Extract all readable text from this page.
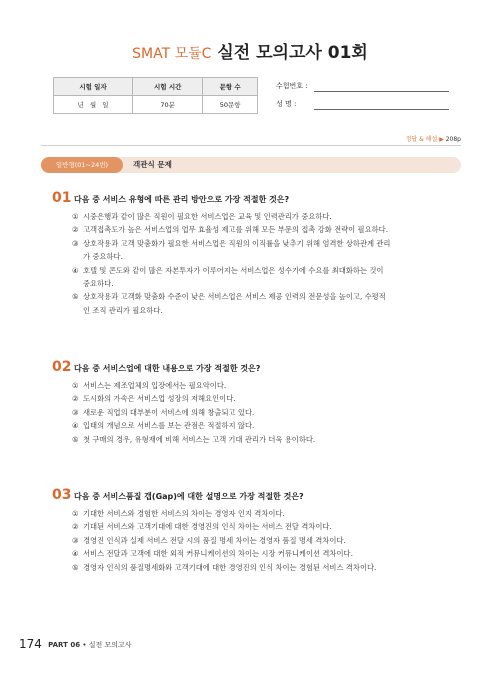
SMAT 모듈C 실전 모의고사 01회
시험 일자	시험 시간	문항 수
년 월 일	70분	50문항
수험번호 :
성 명 :
정답 & 해설 ▶ 208p
일반형(01~24번)	객관식 문제
01 다음 중 서비스 유형에 따른 관리 방안으로 가장 적절한 것은?
① 시중은행과 같이 많은 직원이 필요한 서비스업은 교육 및 인력관리가 중요하다.
② 고객접촉도가 높은 서비스업의 업무 효율성 제고를 위해 모든 부문의 접촉 강화 전략이 필요하다.
③ 상호작용과 고객 맞춤화가 필요한 서비스업은 직원의 이직률을 낮추기 위해 엄격한 상하관계 관리
가 중요하다.
④ 호텔 및 콘도와 같이 많은 자본투자가 이루어지는 서비스업은 성수기에 수요를 최대화하는 것이
중요하다.
⑤ 상호작용과 고객화 맞춤화 수준이 낮은 서비스업은 서비스 제공 인력의 전문성을 높이고, 수평적
인 조직 관리가 필요하다.
02 다음 중 서비스업에 대한 내용으로 가장 적절한 것은?
① 서비스는 제조업체의 입장에서는 필요악이다.
② 도시화의 가속은 서비스업 성장의 저해요인이다.
③ 새로운 직업의 대부분이 서비스에 의해 창출되고 있다.
④ 입태의 개념으로 서비스를 보는 관점은 적절하지 않다.
⑤ 첫 구매의 경우, 유형재에 비해 서비스는 고객 기대 관리가 더욱 용이하다.
03 다음 중 서비스품질 갭(Gap)에 대한 설명으로 가장 적절한 것은?
① 기대한 서비스와 경험한 서비스의 차이는 경영자 인지 격차이다.
② 기대된 서비스와 고객기대에 대한 경영진의 인식 차이는 서비스 전달 격차이다.
③ 경영진 인식과 실제 서비스 전달 시의 품질 명세 차이는 경영자 품질 명세 격차이다.
④ 서비스 전달과 고객에 대한 외적 커뮤니케이션의 차이는 시장 커뮤니케이션 격차이다.
⑤ 경영자 인식의 품질명세화와 고객기대에 대한 경영진의 인식 차이는 경험된 서비스 격차이다.
174 PART 06 • 실전 모의고사
